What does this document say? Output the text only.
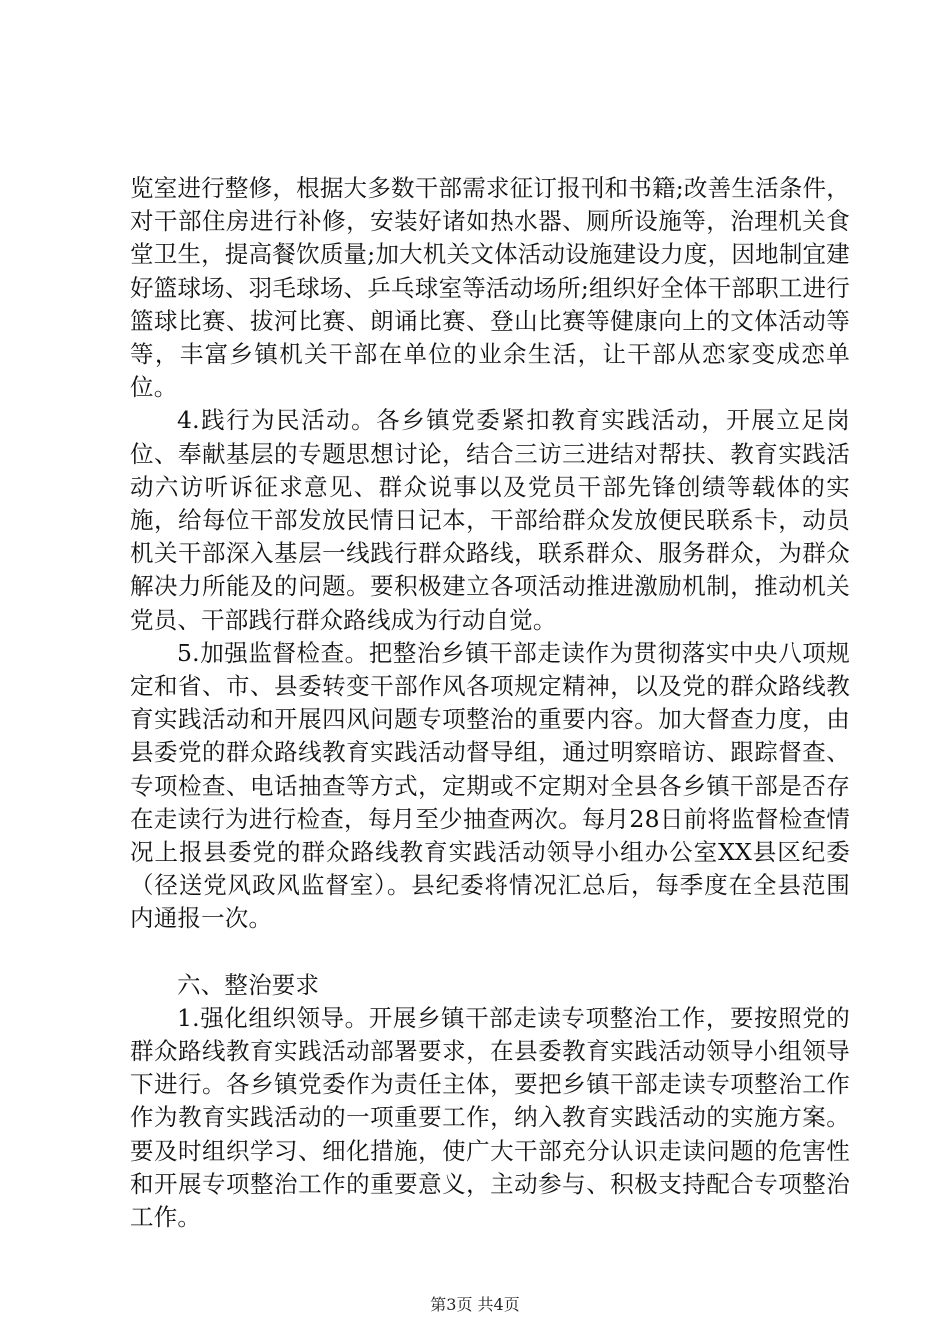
览室进行整修，根据大多数干部需求征订报刊和书籍;改善生活条件，对干部住房进行补修，安装好诸如热水器、厕所设施等，治理机关食堂卫生，提高餐饮质量;加大机关文体活动设施建设力度，因地制宜建好篮球场、羽毛球场、乒乓球室等活动场所;组织好全体干部职工进行篮球比赛、拔河比赛、朗诵比赛、登山比赛等健康向上的文体活动等等，丰富乡镇机关干部在单位的业余生活，让干部从恋家变成恋单位。

4.践行为民活动。各乡镇党委紧扣教育实践活动，开展立足岗位、奉献基层的专题思想讨论，结合三访三进结对帮扶、教育实践活动六访听诉征求意见、群众说事以及党员干部先锋创绩等载体的实施，给每位干部发放民情日记本，干部给群众发放便民联系卡，动员机关干部深入基层一线践行群众路线，联系群众、服务群众，为群众解决力所能及的问题。要积极建立各项活动推进激励机制，推动机关党员、干部践行群众路线成为行动自觉。

5.加强监督检查。把整治乡镇干部走读作为贯彻落实中央八项规定和省、市、县委转变干部作风各项规定精神，以及党的群众路线教育实践活动和开展四风问题专项整治的重要内容。加大督查力度，由县委党的群众路线教育实践活动督导组，通过明察暗访、跟踪督查、专项检查、电话抽查等方式，定期或不定期对全县各乡镇干部是否存在走读行为进行检查，每月至少抽查两次。每月28日前将监督检查情况上报县委党的群众路线教育实践活动领导小组办公室XX县区纪委（径送党风政风监督室）。县纪委将情况汇总后，每季度在全县范围内通报一次。

六、整治要求

1.强化组织领导。开展乡镇干部走读专项整治工作，要按照党的群众路线教育实践活动部署要求，在县委教育实践活动领导小组领导下进行。各乡镇党委作为责任主体，要把乡镇干部走读专项整治工作作为教育实践活动的一项重要工作，纳入教育实践活动的实施方案。要及时组织学习、细化措施，使广大干部充分认识走读问题的危害性和开展专项整治工作的重要意义，主动参与、积极支持配合专项整治工作。

第3页 共4页
